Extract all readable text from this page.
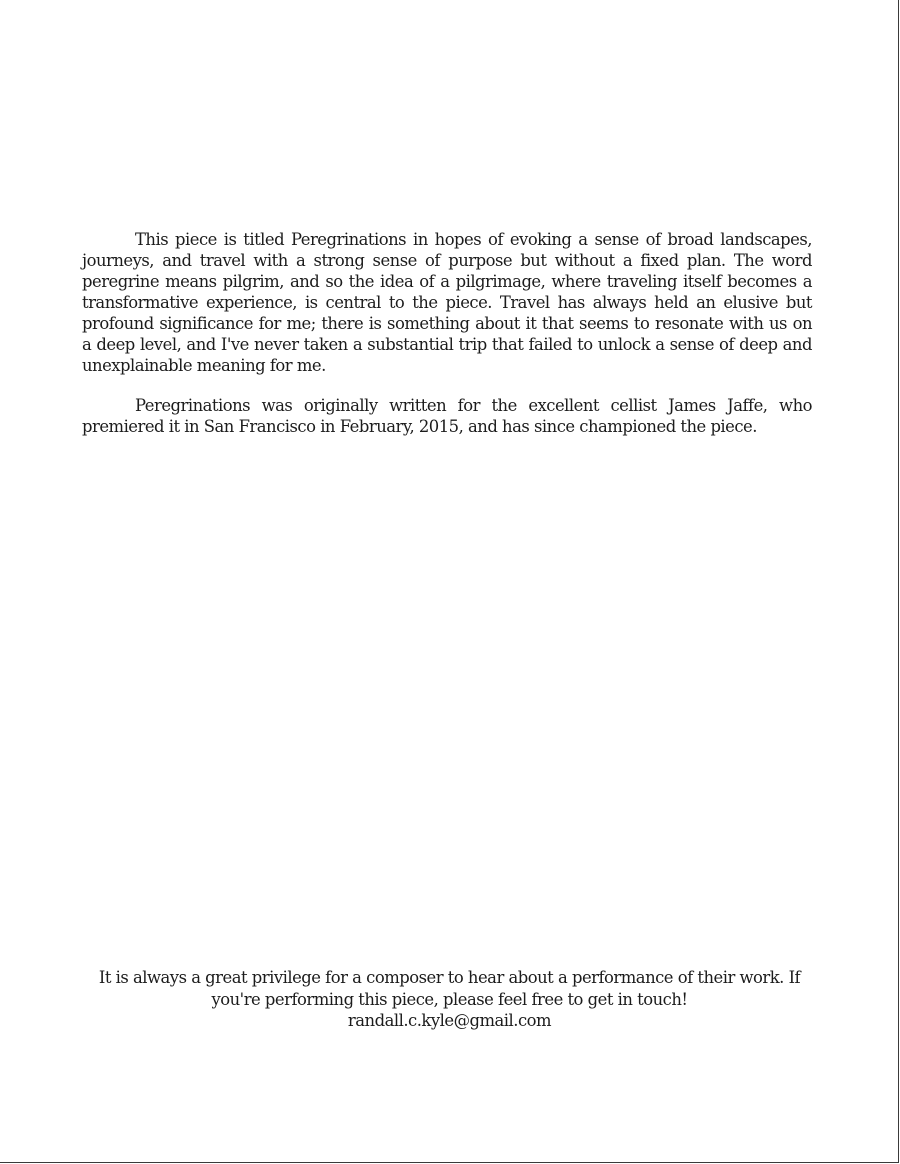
This piece is titled Peregrinations in hopes of evoking a sense of broad landscapes, journeys, and travel with a strong sense of purpose but without a fixed plan. The word peregrine means pilgrim, and so the idea of a pilgrimage, where traveling itself becomes a transformative experience, is central to the piece. Travel has always held an elusive but profound significance for me; there is something about it that seems to resonate with us on a deep level, and I've never taken a substantial trip that failed to unlock a sense of deep and unexplainable meaning for me.

Peregrinations was originally written for the excellent cellist James Jaffe, who premiered it in San Francisco in February, 2015, and has since championed the piece.

It is always a great privilege for a composer to hear about a performance of their work. If you're performing this piece, please feel free to get in touch!

randall.c.kyle@gmail.com
